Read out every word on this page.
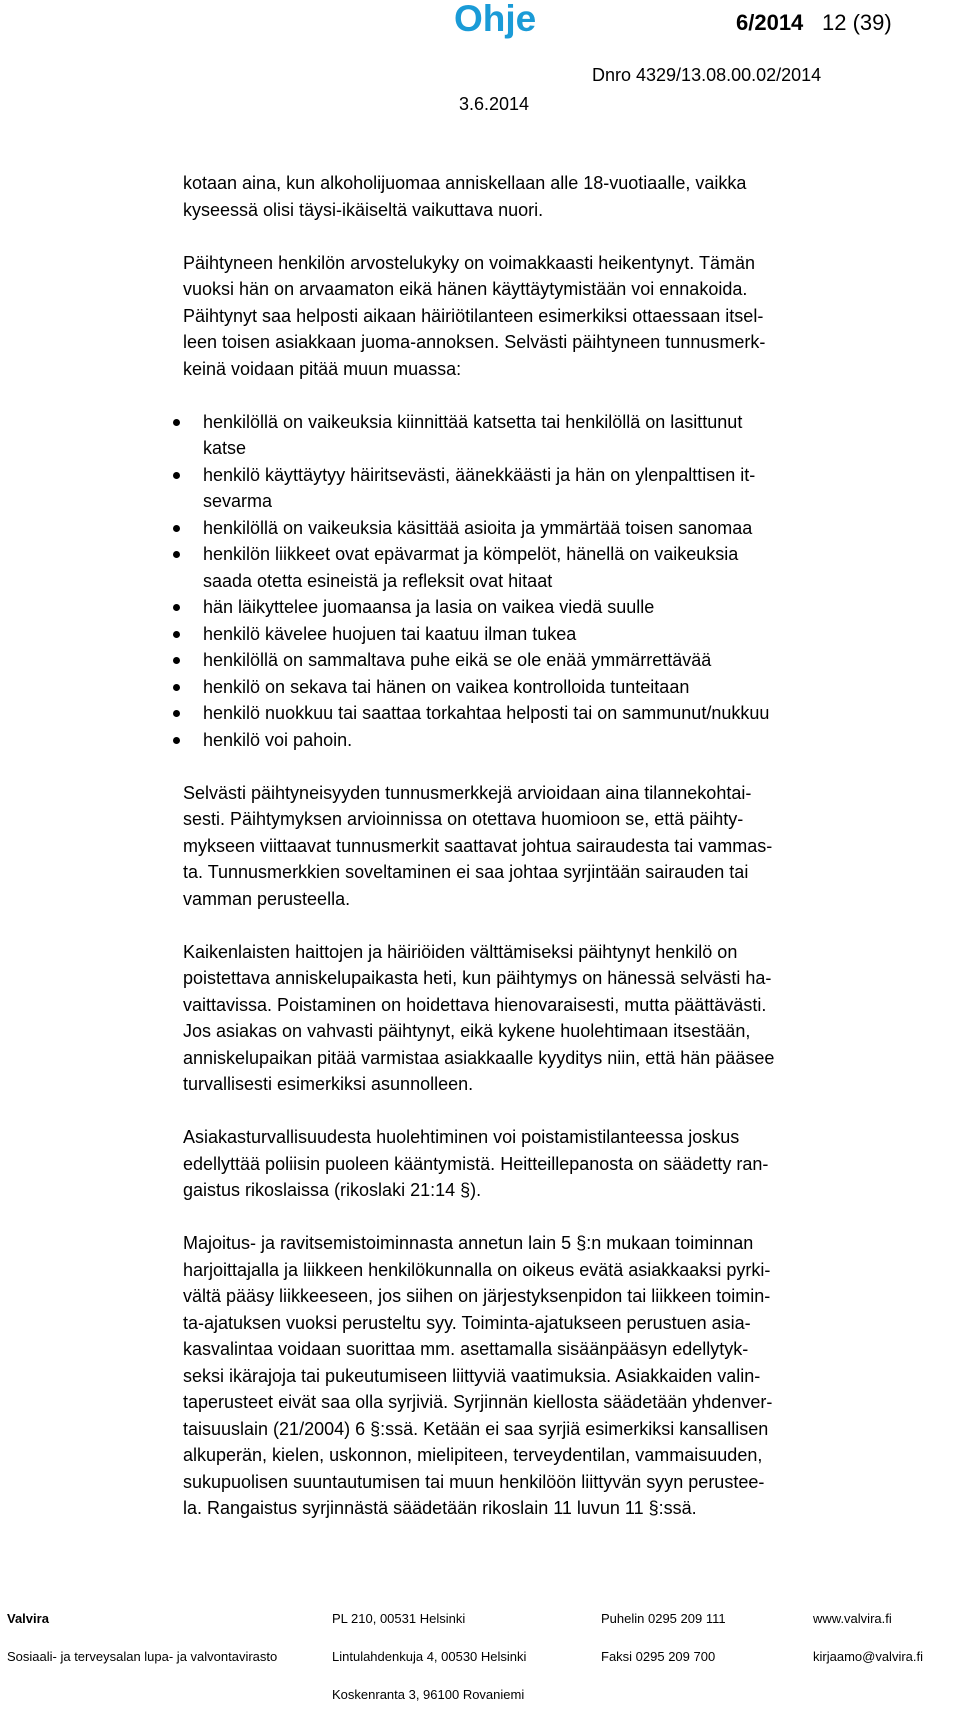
Ohje	6/2014 12 (39)
Dnro 4329/13.08.00.02/2014
3.6.2014

kotaan aina, kun alkoholijuomaa anniskellaan alle 18-vuotiaalle, vaikka
kyseessä olisi täysi-ikäiseltä vaikuttava nuori.

Päihtyneen henkilön arvostelukyky on voimakkaasti heikentynyt. Tämän
vuoksi hän on arvaamaton eikä hänen käyttäytymistään voi ennakoida.
Päihtynyt saa helposti aikaan häiriötilanteen esimerkiksi ottaessaan itsel-
leen toisen asiakkaan juoma-annoksen. Selvästi päihtyneen tunnusmerk-
keinä voidaan pitää muun muassa:

henkilöllä on vaikeuksia kiinnittää katsetta tai henkilöllä on lasittunut
katse
henkilö käyttäytyy häiritsevästi, äänekkäästi ja hän on ylenpalttisen it-
sevarma
henkilöllä on vaikeuksia käsittää asioita ja ymmärtää toisen sanomaa
henkilön liikkeet ovat epävarmat ja kömpelöt, hänellä on vaikeuksia
saada otetta esineistä ja refleksit ovat hitaat
hän läikyttelee juomaansa ja lasia on vaikea viedä suulle
henkilö kävelee huojuen tai kaatuu ilman tukea
henkilöllä on sammaltava puhe eikä se ole enää ymmärrettävää
henkilö on sekava tai hänen on vaikea kontrolloida tunteitaan
henkilö nuokkuu tai saattaa torkahtaa helposti tai on sammunut/nukkuu
henkilö voi pahoin.

Selvästi päihtyneisyyden tunnusmerkkejä arvioidaan aina tilannekohtai-
sesti. Päihtymyksen arvioinnissa on otettava huomioon se, että päihty-
mykseen viittaavat tunnusmerkit saattavat johtua sairaudesta tai vammas-
ta. Tunnusmerkkien soveltaminen ei saa johtaa syrjintään sairauden tai
vamman perusteella.

Kaikenlaisten haittojen ja häiriöiden välttämiseksi päihtynyt henkilö on
poistettava anniskelupaikasta heti, kun päihtymys on hänessä selvästi ha-
vaittavissa. Poistaminen on hoidettava hienovaraisesti, mutta päättävästi.
Jos asiakas on vahvasti päihtynyt, eikä kykene huolehtimaan itsestään,
anniskelupaikan pitää varmistaa asiakkaalle kyyditys niin, että hän pääsee
turvallisesti esimerkiksi asunnolleen.

Asiakasturvallisuudesta huolehtiminen voi poistamistilanteessa joskus
edellyttää poliisin puoleen kääntymistä. Heitteillepanosta on säädetty ran-
gaistus rikoslaissa (rikoslaki 21:14 §).

Majoitus- ja ravitsemistoiminnasta annetun lain 5 §:n mukaan toiminnan
harjoittajalla ja liikkeen henkilökunnalla on oikeus evätä asiakkaaksi pyrki-
vältä pääsy liikkeeseen, jos siihen on järjestyksenpidon tai liikkeen toimin-
ta-ajatuksen vuoksi perusteltu syy. Toiminta-ajatukseen perustuen asia-
kasvalintaa voidaan suorittaa mm. asettamalla sisäänpääsyn edellytyk-
seksi ikärajoja tai pukeutumiseen liittyviä vaatimuksia. Asiakkaiden valin-
taperusteet eivät saa olla syrjiviä. Syrjinnän kiellosta säädetään yhdenver-
taisuuslain (21/2004) 6 §:ssä. Ketään ei saa syrjiä esimerkiksi kansallisen
alkuperän, kielen, uskonnon, mielipiteen, terveydentilan, vammaisuuden,
sukupuolisen suuntautumisen tai muun henkilöön liittyvän syyn perustee-
la. Rangaistus syrjinnästä säädetään rikoslain 11 luvun 11 §:ssä.

Valvira

Sosiaali- ja terveysalan lupa- ja valvontavirasto

PL 210, 00531 Helsinki

Lintulahdenkuja 4, 00530 Helsinki

Koskenranta 3, 96100 Rovaniemi

Puhelin 0295 209 111

Faksi 0295 209 700

www.valvira.fi

kirjaamo@valvira.fi
